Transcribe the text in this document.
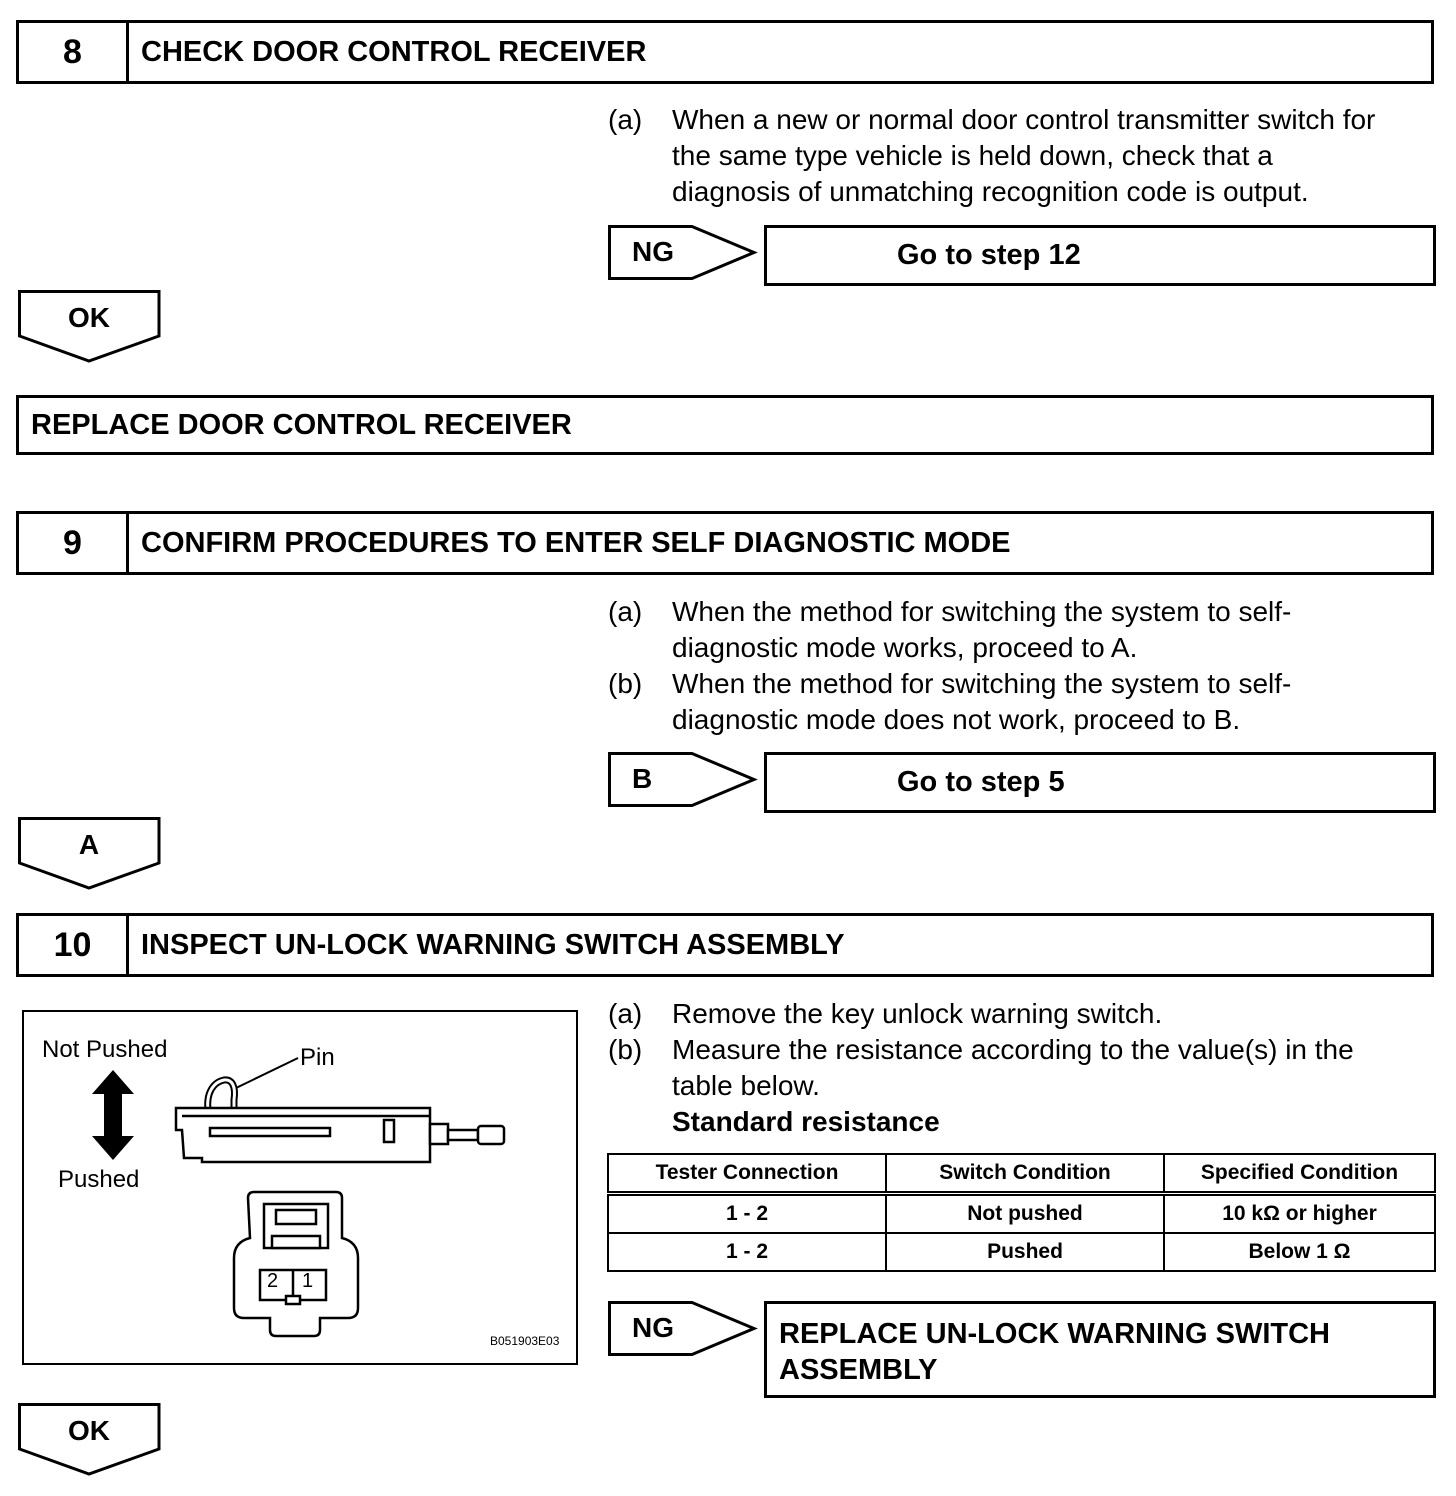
8	CHECK DOOR CONTROL RECEIVER
(a) When a new or normal door control transmitter switch for
the same type vehicle is held down, check that a
diagnosis of unmatching recognition code is output.
NG	Go to step 12
OK
REPLACE DOOR CONTROL RECEIVER
9	CONFIRM PROCEDURES TO ENTER SELF DIAGNOSTIC MODE
(a) When the method for switching the system to self-
diagnostic mode works, proceed to A.
(b) When the method for switching the system to self-
diagnostic mode does not work, proceed to B.
B	Go to step 5
A
10	INSPECT UN-LOCK WARNING SWITCH ASSEMBLY
(a) Remove the key unlock warning switch.
(b) Measure the resistance according to the value(s) in the
table below.
Standard resistance
Not Pushed
Pushed
Pin
B051903E03
2 1
Tester Connection	Switch Condition	Specified Condition
1 - 2	Not pushed	10 kΩ or higher
1 - 2	Pushed	Below 1 Ω
NG	REPLACE UN-LOCK WARNING SWITCH
ASSEMBLY
OK
